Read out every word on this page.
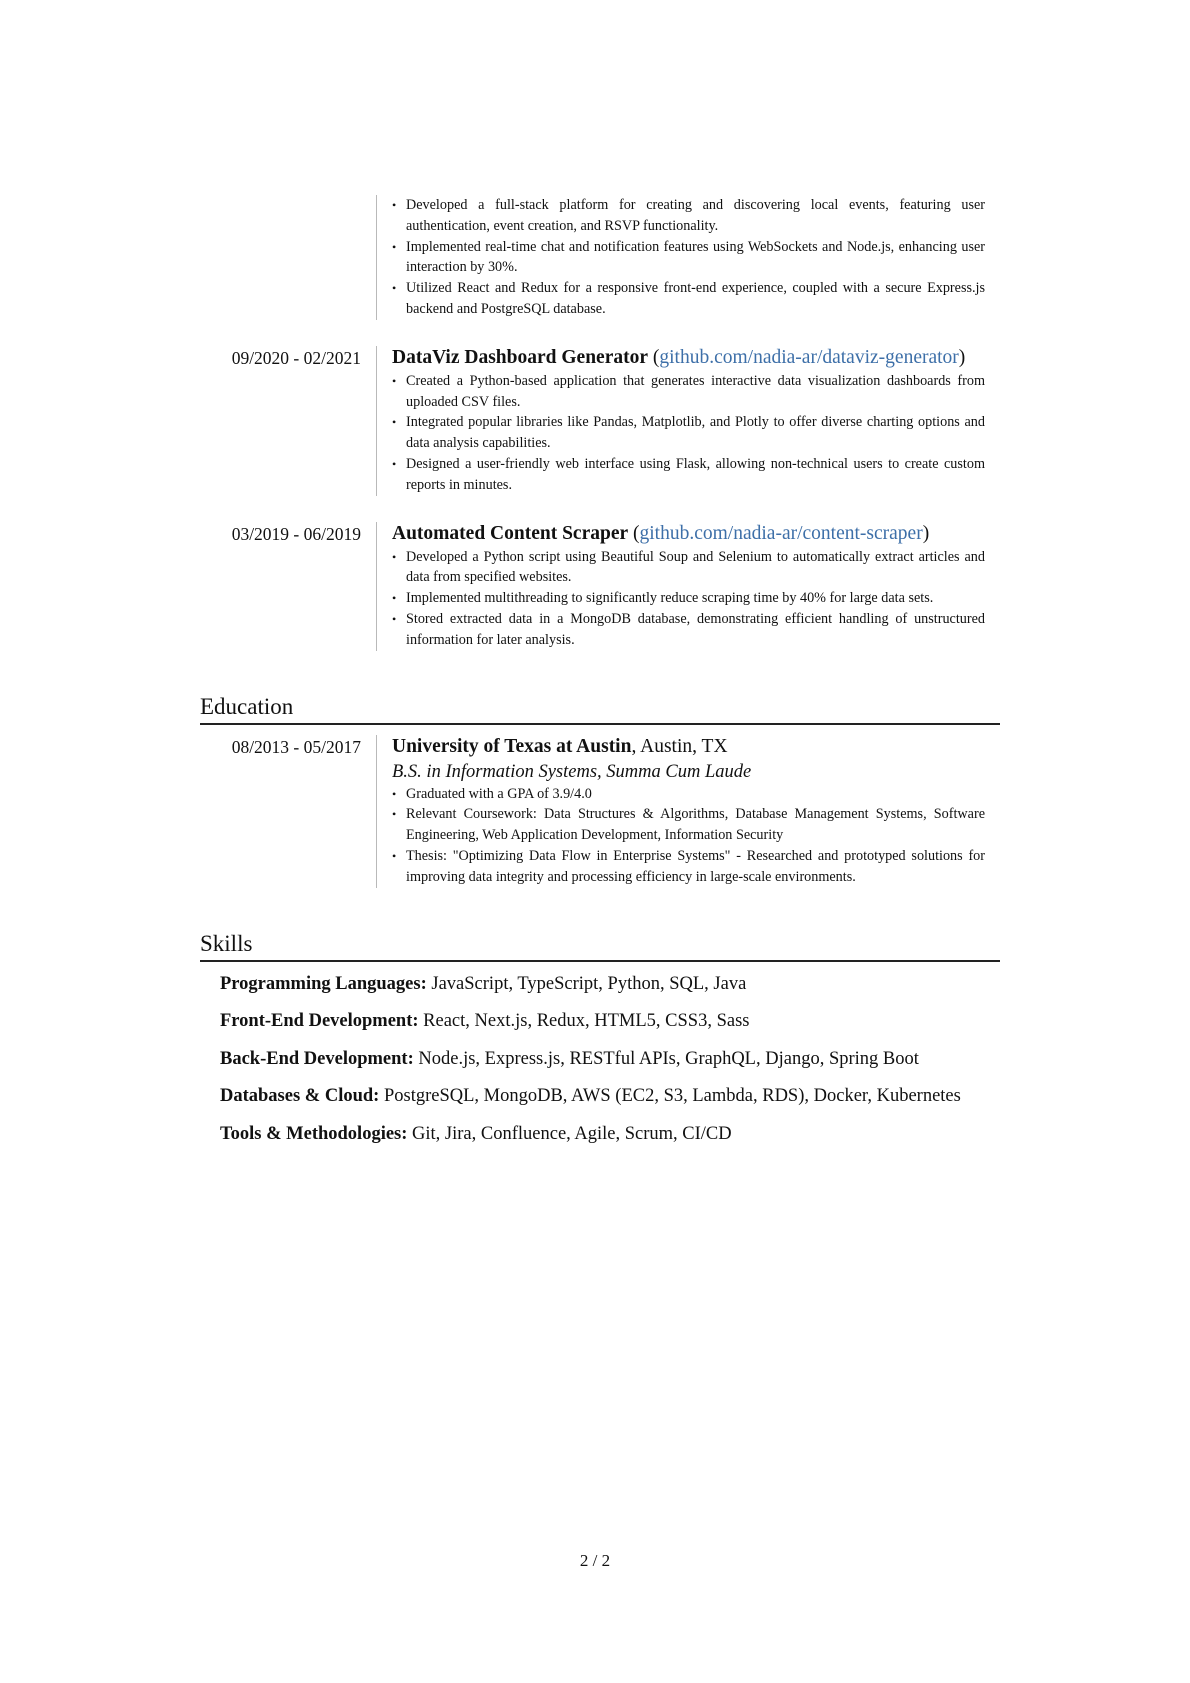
• Developed a full-stack platform for creating and discovering local events, featuring user authentication, event creation, and RSVP functionality.
• Implemented real-time chat and notification features using WebSockets and Node.js, enhancing user interaction by 30%.
• Utilized React and Redux for a responsive front-end experience, coupled with a secure Express.js backend and PostgreSQL database.
09/2020 - 02/2021	DataViz Dashboard Generator (github.com/nadia-ar/dataviz-generator)
• Created a Python-based application that generates interactive data visualization dashboards from uploaded CSV files.
• Integrated popular libraries like Pandas, Matplotlib, and Plotly to offer diverse charting options and data analysis capabilities.
• Designed a user-friendly web interface using Flask, allowing non-technical users to create custom reports in minutes.
03/2019 - 06/2019	Automated Content Scraper (github.com/nadia-ar/content-scraper)
• Developed a Python script using Beautiful Soup and Selenium to automatically extract articles and data from specified websites.
• Implemented multithreading to significantly reduce scraping time by 40% for large data sets.
• Stored extracted data in a MongoDB database, demonstrating efficient handling of unstructured information for later analysis.
Education
08/2013 - 05/2017	University of Texas at Austin, Austin, TX
B.S. in Information Systems, Summa Cum Laude
• Graduated with a GPA of 3.9/4.0
• Relevant Coursework: Data Structures & Algorithms, Database Management Systems, Software Engineering, Web Application Development, Information Security
• Thesis: "Optimizing Data Flow in Enterprise Systems" - Researched and prototyped solutions for improving data integrity and processing efficiency in large-scale environments.
Skills
Programming Languages: JavaScript, TypeScript, Python, SQL, Java
Front-End Development: React, Next.js, Redux, HTML5, CSS3, Sass
Back-End Development: Node.js, Express.js, RESTful APIs, GraphQL, Django, Spring Boot
Databases & Cloud: PostgreSQL, MongoDB, AWS (EC2, S3, Lambda, RDS), Docker, Kubernetes
Tools & Methodologies: Git, Jira, Confluence, Agile, Scrum, CI/CD
2 / 2
